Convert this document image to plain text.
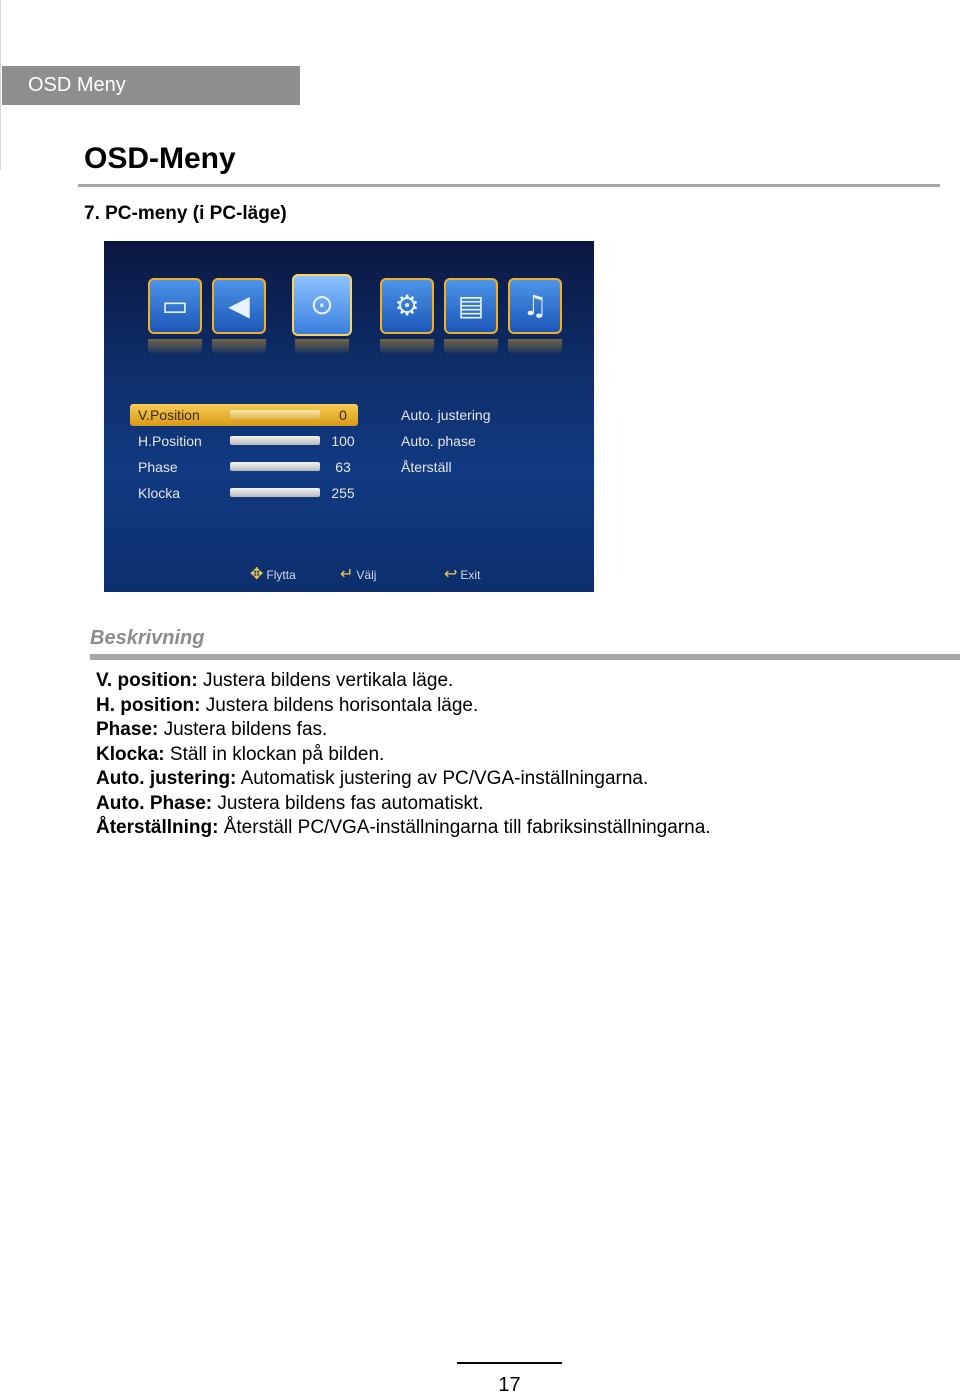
OSD Meny
OSD-Meny
7. PC-meny (i PC-läge)
▭ ◀ ⊙ ⚙ ▤ ♫
V.Position	0
H.Position	100
Phase	63
Klocka	255
Auto. justering
Auto. phase
Återställ
✥ Flytta	↵ Välj	↩ Exit
Beskrivning
V. position: Justera bildens vertikala läge.
H. position: Justera bildens horisontala läge.
Phase: Justera bildens fas.
Klocka: Ställ in klockan på bilden.
Auto. justering: Automatisk justering av PC/VGA-inställningarna.
Auto. Phase: Justera bildens fas automatiskt.
Återställning: Återställ PC/VGA-inställningarna till fabriksinställningarna.
17
